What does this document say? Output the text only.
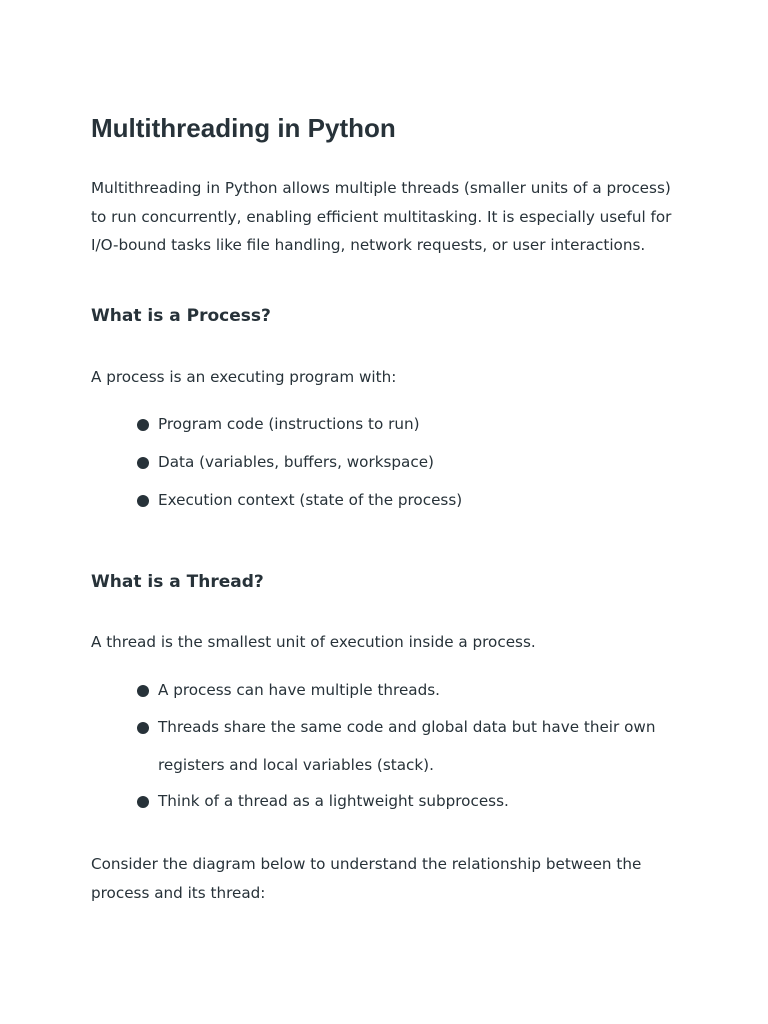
Multithreading in Python

Multithreading in Python allows multiple threads (smaller units of a process) to run concurrently, enabling efficient multitasking. It is especially useful for I/O-bound tasks like file handling, network requests, or user interactions.

What is a Process?

A process is an executing program with:

Program code (instructions to run)
Data (variables, buffers, workspace)
Execution context (state of the process)
What is a Thread?

A thread is the smallest unit of execution inside a process.

A process can have multiple threads.
Threads share the same code and global data but have their own registers and local variables (stack).
Think of a thread as a lightweight subprocess.

Consider the diagram below to understand the relationship between the process and its thread:
